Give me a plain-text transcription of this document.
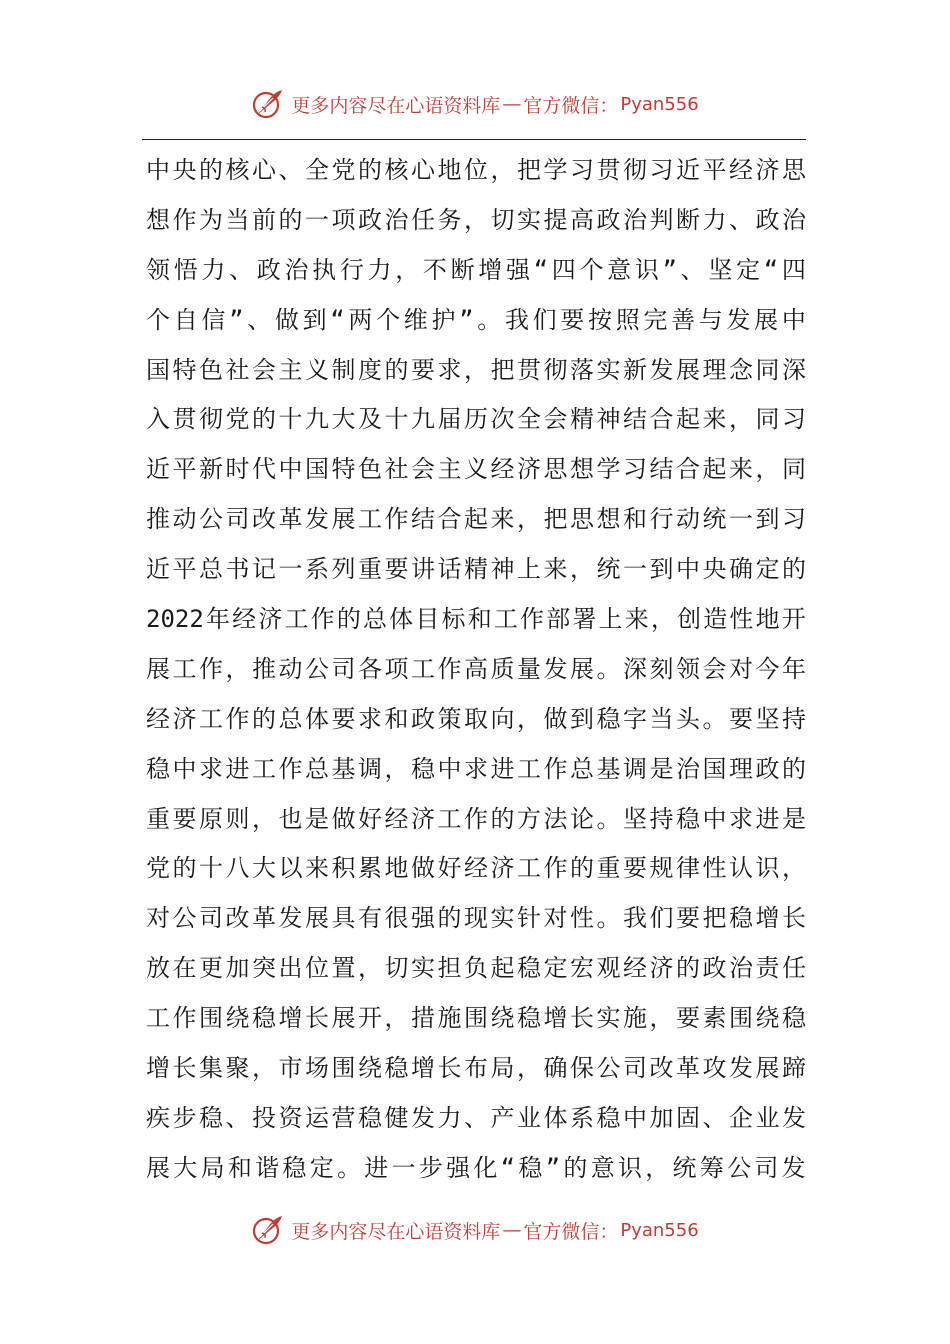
更多内容尽在心语资料库 — 官方微信： Pyan556
中 央 的 核 心 、 全 党 的 核 心 地 位 ， 把 学 习 贯 彻 习 近 平 经 济 思
想 作 为 当 前 的 一 项 政 治 任 务 ， 切 实 提 高 政 治 判 断 力 、 政 治
领 悟 力 、 政 治 执 行 力 ， 不 断 增 强 “ 四 个 意 识 ” 、 坚 定 “ 四
个 自 信 ” 、 做 到 “ 两 个 维 护 ” 。 我 们 要 按 照 完 善 与 发 展 中
国 特 色 社 会 主 义 制 度 的 要 求 ， 把 贯 彻 落 实 新 发 展 理 念 同 深
入 贯 彻 党 的 十 九 大 及 十 九 届 历 次 全 会 精 神 结 合 起 来 ， 同 习
近 平 新 时 代 中 国 特 色 社 会 主 义 经 济 思 想 学 习 结 合 起 来 ， 同
推 动 公 司 改 革 发 展 工 作 结 合 起 来 ， 把 思 想 和 行 动 统 一 到 习
近 平 总 书 记 一 系 列 重 要 讲 话 精 神 上 来 ， 统 一 到 中 央 确 定 的
2022 年 经 济 工 作 的 总 体 目 标 和 工 作 部 署 上 来 ， 创 造 性 地 开
展 工 作 ， 推 动 公 司 各 项 工 作 高 质 量 发 展 。 深 刻 领 会 对 今 年
经 济 工 作 的 总 体 要 求 和 政 策 取 向 ， 做 到 稳 字 当 头 。 要 坚 持
稳 中 求 进 工 作 总 基 调 ， 稳 中 求 进 工 作 总 基 调 是 治 国 理 政 的
重 要 原 则 ， 也 是 做 好 经 济 工 作 的 方 法 论 。 坚 持 稳 中 求 进 是
党 的 十 八 大 以 来 积 累 地 做 好 经 济 工 作 的 重 要 规 律 性 认 识 ，
对 公 司 改 革 发 展 具 有 很 强 的 现 实 针 对 性 。 我 们 要 把 稳 增 长
放 在 更 加 突 出 位 置 ， 切 实 担 负 起 稳 定 宏 观 经 济 的 政 治 责 任
工 作 围 绕 稳 增 长 展 开 ， 措 施 围 绕 稳 增 长 实 施 ， 要 素 围 绕 稳
增 长 集 聚 ， 市 场 围 绕 稳 增 长 布 局 ， 确 保 公 司 改 革 攻 发 展 蹄
疾 步 稳 、 投 资 运 营 稳 健 发 力 、 产 业 体 系 稳 中 加 固 、 企 业 发
展 大 局 和 谐 稳 定 。 进 一 步 强 化 “ 稳 ” 的 意 识 ， 统 筹 公 司 发
更多内容尽在心语资料库 — 官方微信： Pyan556
